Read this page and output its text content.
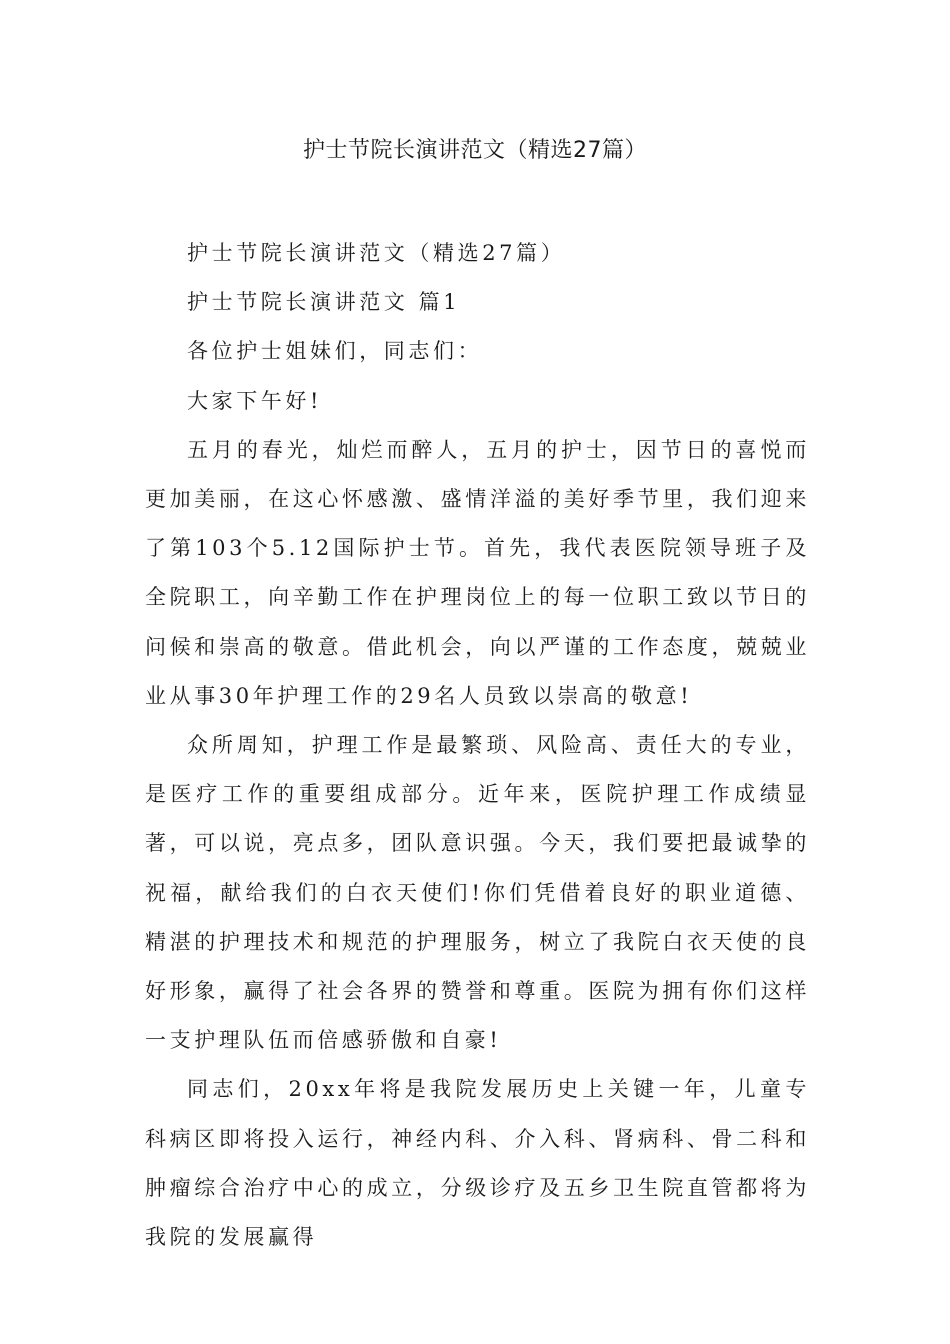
护士节院长演讲范文（精选27篇）

护士节院长演讲范文（精选27篇）

护士节院长演讲范文 篇1

各位护士姐妹们，同志们：

大家下午好!

五月的春光，灿烂而醉人，五月的护士，因节日的喜悦而更加美丽，在这心怀感激、盛情洋溢的美好季节里，我们迎来了第103个5.12国际护士节。首先，我代表医院领导班子及全院职工，向辛勤工作在护理岗位上的每一位职工致以节日的问候和崇高的敬意。借此机会，向以严谨的工作态度，兢兢业业从事30年护理工作的29名人员致以崇高的敬意!

众所周知，护理工作是最繁琐、风险高、责任大的专业，是医疗工作的重要组成部分。近年来，医院护理工作成绩显著，可以说，亮点多，团队意识强。今天，我们要把最诚挚的祝福，献给我们的白衣天使们!你们凭借着良好的职业道德、精湛的护理技术和规范的护理服务，树立了我院白衣天使的良好形象，赢得了社会各界的赞誉和尊重。医院为拥有你们这样一支护理队伍而倍感骄傲和自豪!

同志们，20xx年将是我院发展历史上关键一年，儿童专科病区即将投入运行，神经内科、介入科、肾病科、骨二科和肿瘤综合治疗中心的成立，分级诊疗及五乡卫生院直管都将为我院的发展赢得
